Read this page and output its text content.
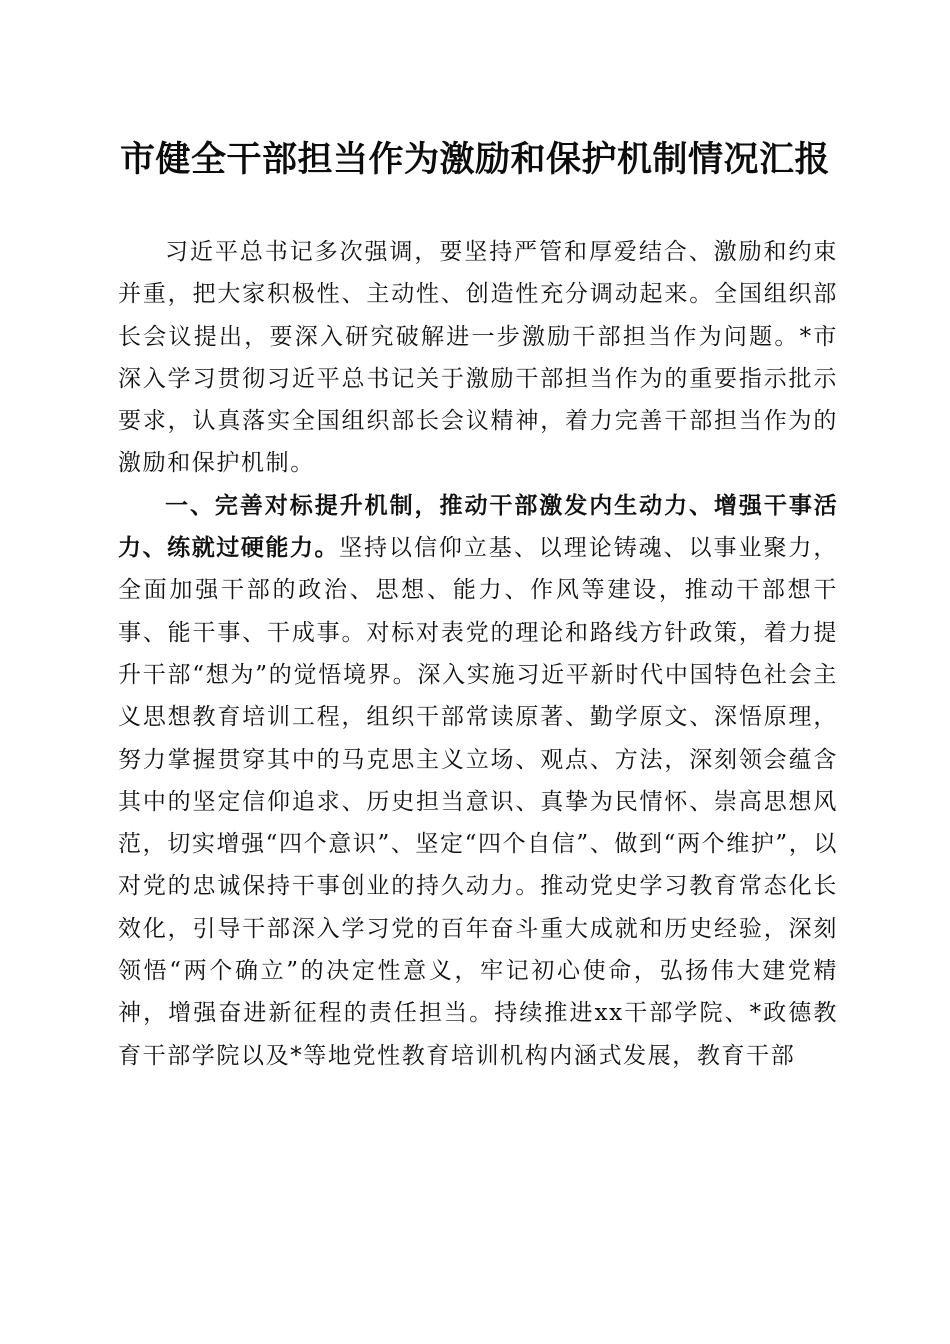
市健全干部担当作为激励和保护机制情况汇报

习近平总书记多次强调，要坚持严管和厚爱结合、激励和约束并重，把大家积极性、主动性、创造性充分调动起来。全国组织部长会议提出，要深入研究破解进一步激励干部担当作为问题。*市深入学习贯彻习近平总书记关于激励干部担当作为的重要指示批示要求，认真落实全国组织部长会议精神，着力完善干部担当作为的激励和保护机制。

一、完善对标提升机制，推动干部激发内生动力、增强干事活力、练就过硬能力。坚持以信仰立基、以理论铸魂、以事业聚力，全面加强干部的政治、思想、能力、作风等建设，推动干部想干事、能干事、干成事。对标对表党的理论和路线方针政策，着力提升干部“想为”的觉悟境界。深入实施习近平新时代中国特色社会主义思想教育培训工程，组织干部常读原著、勤学原文、深悟原理，努力掌握贯穿其中的马克思主义立场、观点、方法，深刻领会蕴含其中的坚定信仰追求、历史担当意识、真挚为民情怀、崇高思想风范，切实增强“四个意识”、坚定“四个自信”、做到“两个维护”，以对党的忠诚保持干事创业的持久动力。推动党史学习教育常态化长效化，引导干部深入学习党的百年奋斗重大成就和历史经验，深刻领悟“两个确立”的决定性意义，牢记初心使命，弘扬伟大建党精神，增强奋进新征程的责任担当。持续推进xx干部学院、*政德教育干部学院以及*等地党性教育培训机构内涵式发展，教育干部
